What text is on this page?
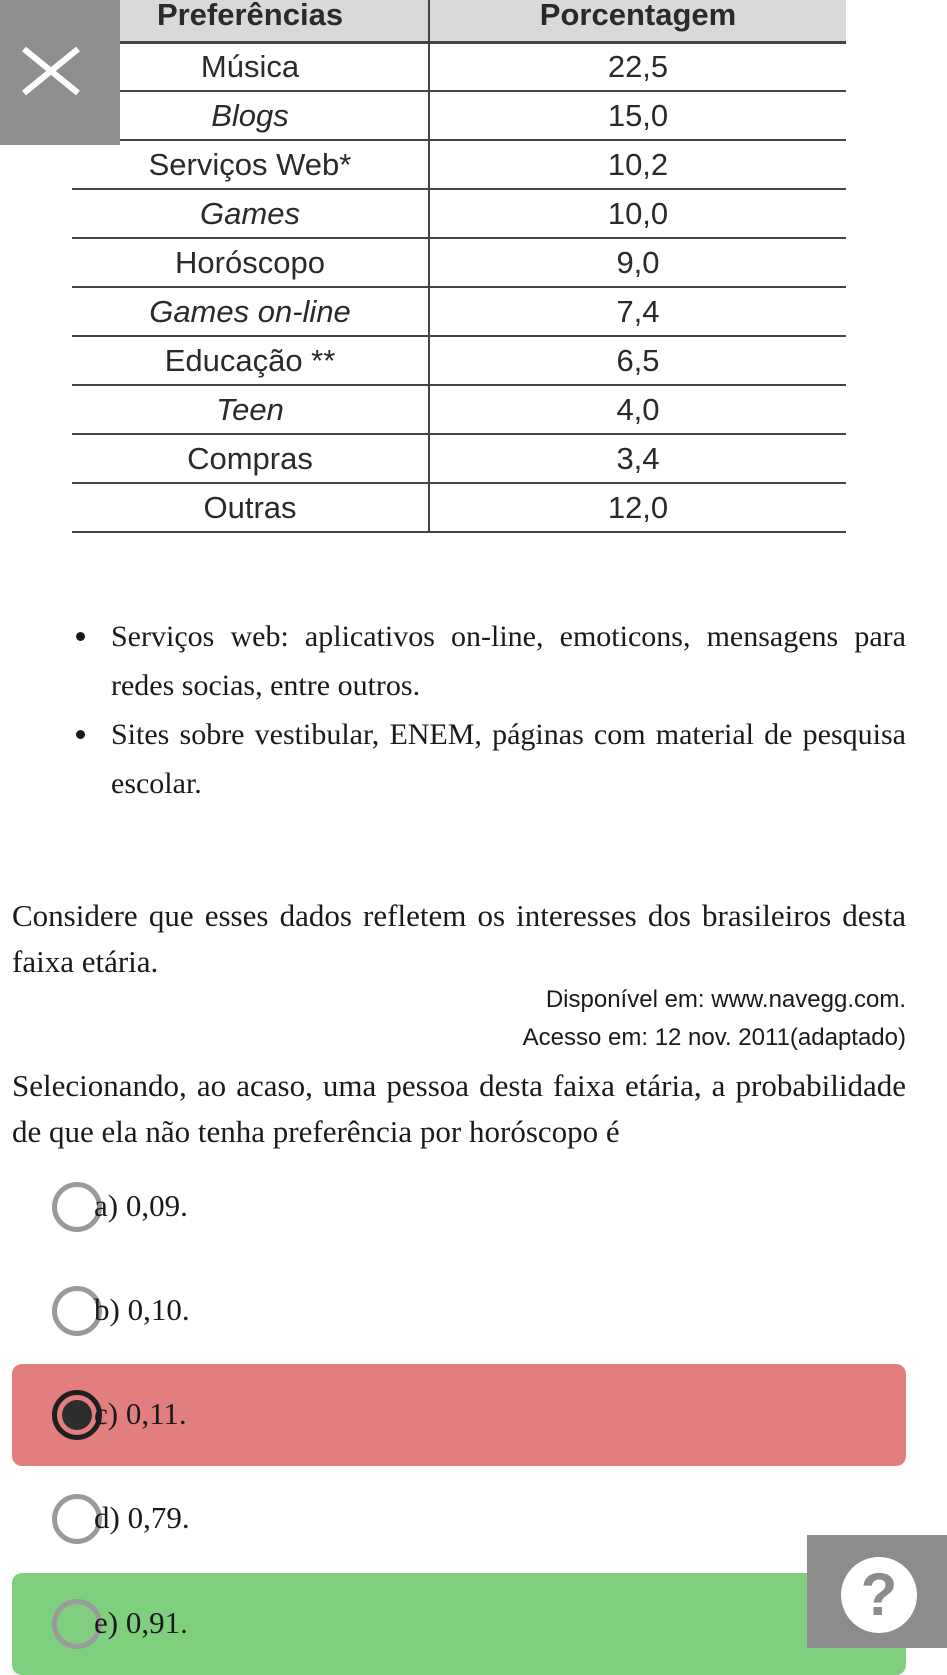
Preferências	Porcentagem
Música	22,5
Blogs	15,0
Serviços Web*	10,2
Games	10,0
Horóscopo	9,0
Games on-line	7,4
Educação **	6,5
Teen	4,0
Compras	3,4
Outras	12,0
Serviços web: aplicativos on-line, emoticons, mensagens para redes socias, entre outros.
Sites sobre vestibular, ENEM, páginas com material de pesquisa escolar.
Considere que esses dados refletem os interesses dos brasileiros desta faixa etária.
Disponível em: www.navegg.com.
Acesso em: 12 nov. 2011(adaptado)
Selecionando, ao acaso, uma pessoa desta faixa etária, a probabilidade de que ela não tenha preferência por horóscopo é
a) 0,09.
b) 0,10.
c) 0,11.
d) 0,79.
e) 0,91.	?
